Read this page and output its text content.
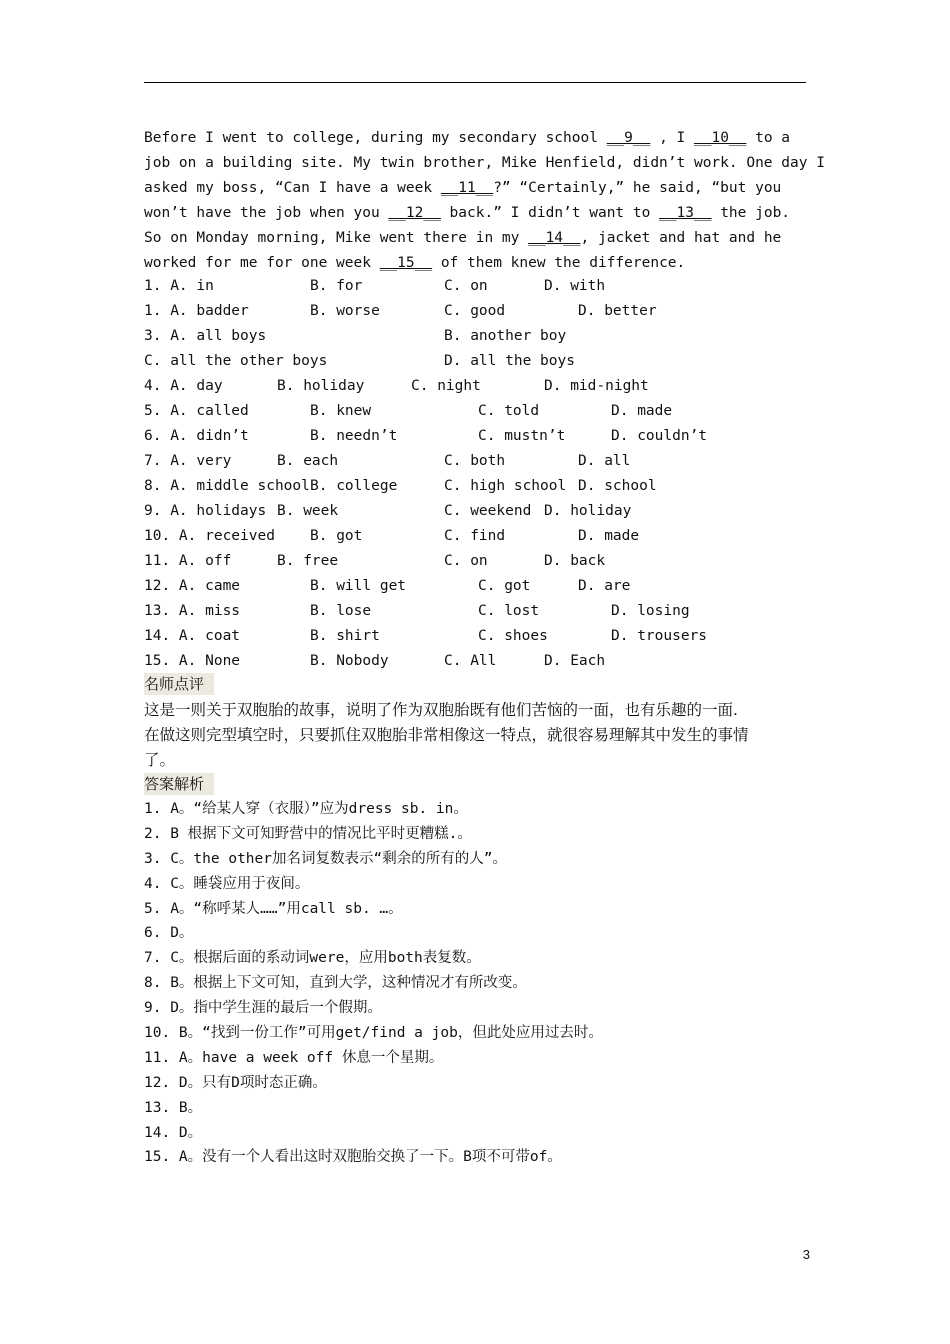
Before I went to college, during my secondary school __9__ , I __10__ to a
job on a building site. My twin brother, Mike Henfield, didn’t work. One day I
asked my boss, “Can I have a week __11__?” “Certainly,” he said, “but you
won’t have the job when you __12__ back.” I didn’t want to __13__ the job.
So on Monday morning, Mike went there in my __14__, jacket and hat and he
worked for me for one week __15__ of them knew the difference.
1. A. in	B. for	C. on	D. with
1. A. badder	B. worse	C. good	D. better
3. A. all boys	B. another boy
C. all the other boys	D. all the boys
4. A. day	B. holiday	C. night	D. mid-night
5. A. called	B. knew	C. told	D. made
6. A. didn’t	B. needn’t	C. mustn’t	D. couldn’t
7. A. very	B. each	C. both	D. all
8. A. middle school B. college	C. high school D. school
9. A. holidays B. week	C. weekend D. holiday
10. A. received B. got	C. find	D. made
11. A. off	B. free	C. on	D. back
12. A. came	B. will get	C. got	D. are
13. A. miss	B. lose	C. lost	D. losing
14. A. coat	B. shirt	C. shoes	D. trousers
15. A. None	B. Nobody	C. All	D. Each
名师点评
这是一则关于双胞胎的故事，说明了作为双胞胎既有他们苦恼的一面，也有乐趣的一面.
在做这则完型填空时，只要抓住双胞胎非常相像这一特点，就很容易理解其中发生的事情
了。
答案解析
1. A。“给某人穿（衣服）”应为dress sb. in。
2. B 根据下文可知野营中的情况比平时更糟糕.。
3. C。the other加名词复数表示“剩余的所有的人”。
4. C。睡袋应用于夜间。
5. A。“称呼某人……”用call sb. …。
6. D。
7. C。根据后面的系动词were，应用both表复数。
8. B。根据上下文可知，直到大学，这种情况才有所改变。
9. D。指中学生涯的最后一个假期。
10. B。“找到一份工作”可用get/find a job，但此处应用过去时。
11. A。have a week off 休息一个星期。
12. D。只有D项时态正确。
13. B。
14. D。
15. A。没有一个人看出这时双胞胎交换了一下。B项不可带of。
3
